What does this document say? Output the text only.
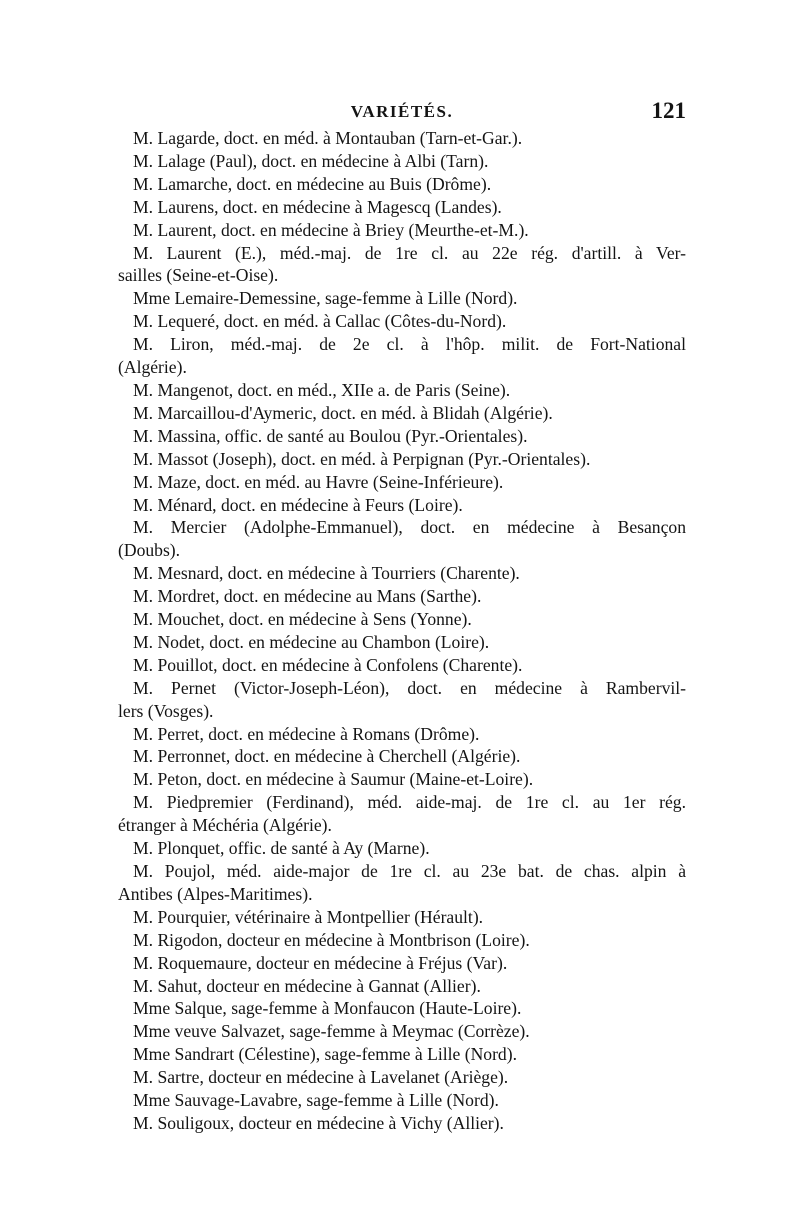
VARIÉTÉS.	121
M. Lagarde, doct. en méd. à Montauban (Tarn-et-Gar.).
M. Lalage (Paul), doct. en médecine à Albi (Tarn).
M. Lamarche, doct. en médecine au Buis (Drôme).
M. Laurens, doct. en médecine à Magescq (Landes).
M. Laurent, doct. en médecine à Briey (Meurthe-et-M.).
M. Laurent (E.), méd.-maj. de 1re cl. au 22e rég. d'artill. à Ver-
sailles (Seine-et-Oise).
Mme Lemaire-Demessine, sage-femme à Lille (Nord).
M. Lequeré, doct. en méd. à Callac (Côtes-du-Nord).
M. Liron, méd.-maj. de 2e cl. à l'hôp. milit. de Fort-National
(Algérie).
M. Mangenot, doct. en méd., XIIe a. de Paris (Seine).
M. Marcaillou-d'Aymeric, doct. en méd. à Blidah (Algérie).
M. Massina, offic. de santé au Boulou (Pyr.-Orientales).
M. Massot (Joseph), doct. en méd. à Perpignan (Pyr.-Orientales).
M. Maze, doct. en méd. au Havre (Seine-Inférieure).
M. Ménard, doct. en médecine à Feurs (Loire).
M. Mercier (Adolphe-Emmanuel), doct. en médecine à Besançon
(Doubs).
M. Mesnard, doct. en médecine à Tourriers (Charente).
M. Mordret, doct. en médecine au Mans (Sarthe).
M. Mouchet, doct. en médecine à Sens (Yonne).
M. Nodet, doct. en médecine au Chambon (Loire).
M. Pouillot, doct. en médecine à Confolens (Charente).
M. Pernet (Victor-Joseph-Léon), doct. en médecine à Rambervil-
lers (Vosges).
M. Perret, doct. en médecine à Romans (Drôme).
M. Perronnet, doct. en médecine à Cherchell (Algérie).
M. Peton, doct. en médecine à Saumur (Maine-et-Loire).
M. Piedpremier (Ferdinand), méd. aide-maj. de 1re cl. au 1er rég.
étranger à Méchéria (Algérie).
M. Plonquet, offic. de santé à Ay (Marne).
M. Poujol, méd. aide-major de 1re cl. au 23e bat. de chas. alpin à
Antibes (Alpes-Maritimes).
M. Pourquier, vétérinaire à Montpellier (Hérault).
M. Rigodon, docteur en médecine à Montbrison (Loire).
M. Roquemaure, docteur en médecine à Fréjus (Var).
M. Sahut, docteur en médecine à Gannat (Allier).
Mme Salque, sage-femme à Monfaucon (Haute-Loire).
Mme veuve Salvazet, sage-femme à Meymac (Corrèze).
Mme Sandrart (Célestine), sage-femme à Lille (Nord).
M. Sartre, docteur en médecine à Lavelanet (Ariège).
Mme Sauvage-Lavabre, sage-femme à Lille (Nord).
M. Souligoux, docteur en médecine à Vichy (Allier).
